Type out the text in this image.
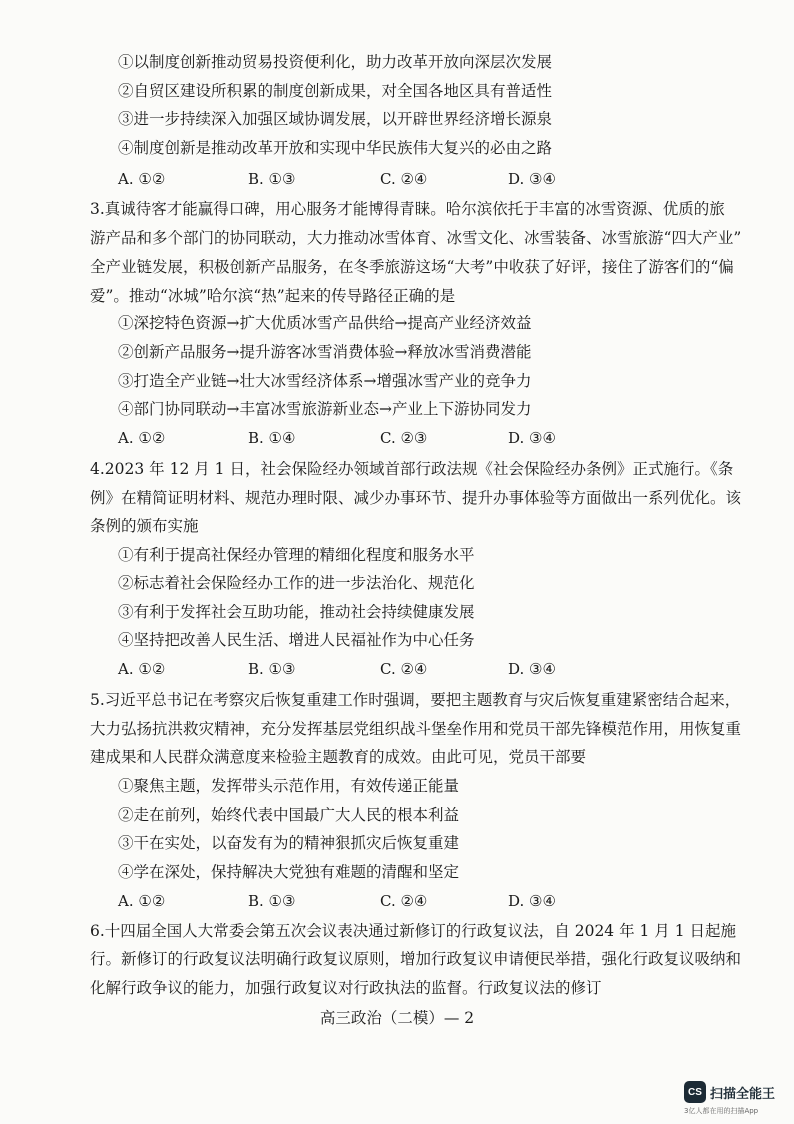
①以制度创新推动贸易投资便利化，助力改革开放向深层次发展
②自贸区建设所积累的制度创新成果，对全国各地区具有普适性
③进一步持续深入加强区域协调发展，以开辟世界经济增长源泉
④制度创新是推动改革开放和实现中华民族伟大复兴的必由之路
A. ①②	B. ①③	C. ②④	D. ③④
3.真诚待客才能赢得口碑，用心服务才能博得青睐。哈尔滨依托于丰富的冰雪资源、优质的旅
游产品和多个部门的协同联动，大力推动冰雪体育、冰雪文化、冰雪装备、冰雪旅游“四大产业”
全产业链发展，积极创新产品服务，在冬季旅游这场“大考”中收获了好评，接住了游客们的“偏
爱”。推动“冰城”哈尔滨“热”起来的传导路径正确的是
①深挖特色资源→扩大优质冰雪产品供给→提高产业经济效益
②创新产品服务→提升游客冰雪消费体验→释放冰雪消费潜能
③打造全产业链→壮大冰雪经济体系→增强冰雪产业的竞争力
④部门协同联动→丰富冰雪旅游新业态→产业上下游协同发力
A. ①②	B. ①④	C. ②③	D. ③④
4.2023 年 12 月 1 日，社会保险经办领域首部行政法规《社会保险经办条例》正式施行。《条
例》在精简证明材料、规范办理时限、减少办事环节、提升办事体验等方面做出一系列优化。该
条例的颁布实施
①有利于提高社保经办管理的精细化程度和服务水平
②标志着社会保险经办工作的进一步法治化、规范化
③有利于发挥社会互助功能，推动社会持续健康发展
④坚持把改善人民生活、增进人民福祉作为中心任务
A. ①②	B. ①③	C. ②④	D. ③④
5.习近平总书记在考察灾后恢复重建工作时强调，要把主题教育与灾后恢复重建紧密结合起来，
大力弘扬抗洪救灾精神，充分发挥基层党组织战斗堡垒作用和党员干部先锋模范作用，用恢复重
建成果和人民群众满意度来检验主题教育的成效。由此可见，党员干部要
①聚焦主题，发挥带头示范作用，有效传递正能量
②走在前列，始终代表中国最广大人民的根本利益
③干在实处，以奋发有为的精神狠抓灾后恢复重建
④学在深处，保持解决大党独有难题的清醒和坚定
A. ①②	B. ①③	C. ②④	D. ③④
6.十四届全国人大常委会第五次会议表决通过新修订的行政复议法，自 2024 年 1 月 1 日起施
行。新修订的行政复议法明确行政复议原则，增加行政复议申请便民举措，强化行政复议吸纳和
化解行政争议的能力，加强行政复议对行政执法的监督。行政复议法的修订
高三政治（二模）— 2
CS 扫描全能王
3亿人都在用的扫描App
